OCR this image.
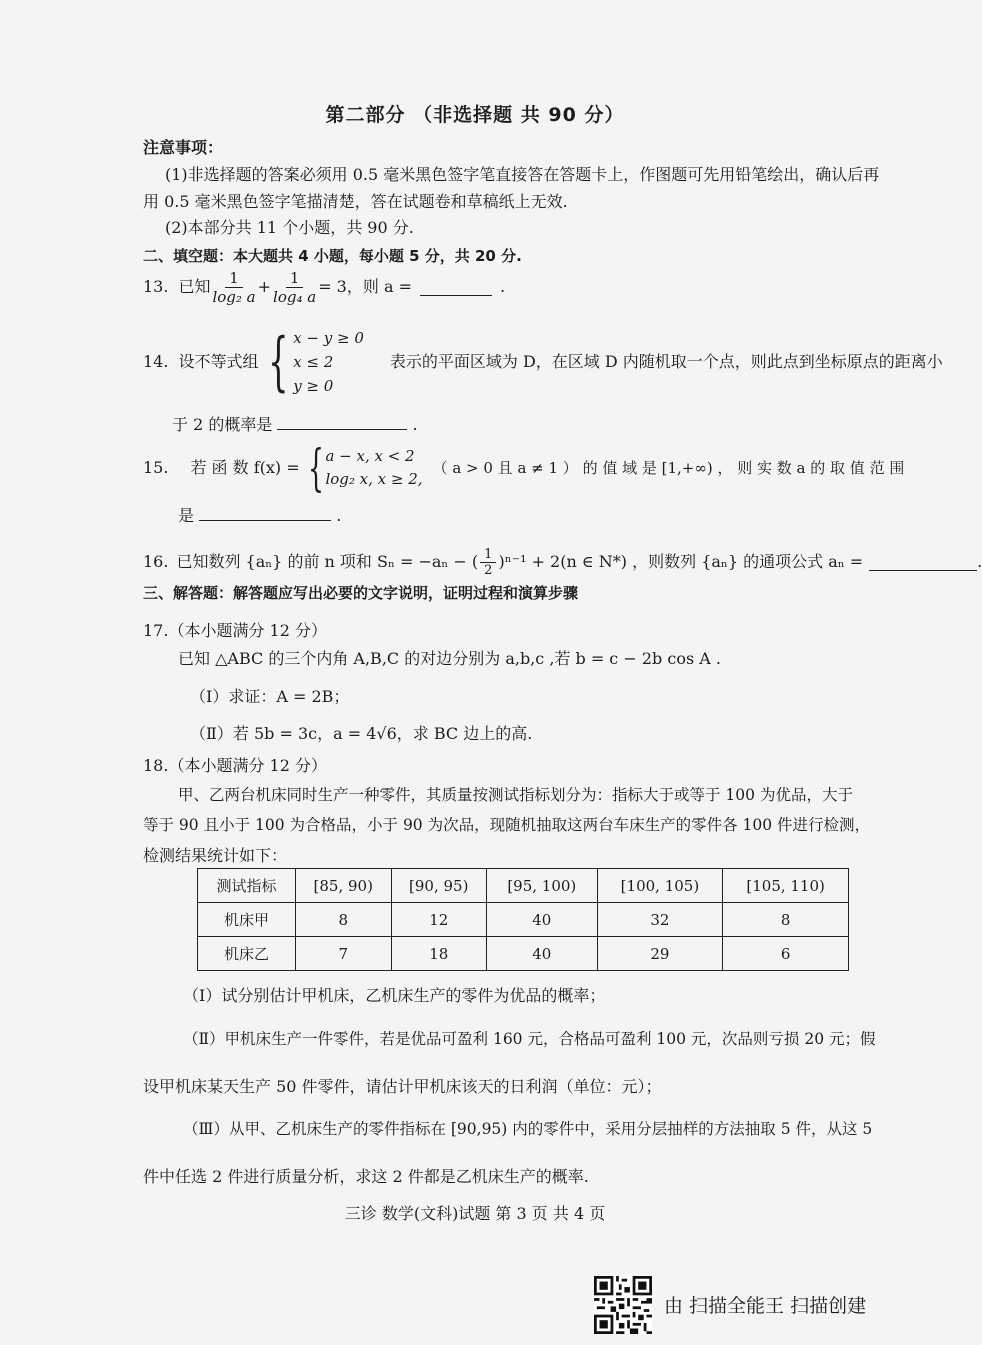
第二部分 （非选择题 共 90 分）
注意事项：
(1)非选择题的答案必须用 0.5 毫米黑色签字笔直接答在答题卡上，作图题可先用铅笔绘出，确认后再
用 0.5 毫米黑色签字笔描清楚，答在试题卷和草稿纸上无效.
(2)本部分共 11 个小题，共 90 分.
二、填空题：本大题共 4 小题，每小题 5 分，共 20 分.
13. 已知 $\frac{1}{\text{log₂ a}} + \frac{1}{\text{log₄ a}} = 3$，则 a =	.
14. 设不等式组 { x − y ≥ 0
x ≤ 2
y ≥ 0
表示的平面区域为 D，在区域 D 内随机取一个点，则此点到坐标原点的距离小
于 2 的概率是	.
15. 若 函 数 f(x) = { a − x, x < 2
log₂ x, x ≥ 2,
（ a > 0 且 a ≠ 1 ） 的 值 域 是 [1,+∞) ， 则 实 数 a 的 取 值 范 围
是	.
16. 已知数列 {aₙ} 的前 n 项和 Sₙ = −aₙ − ( $\frac{1}{2} )^{n-1} + 2(n$ ∈ N*) ，则数列 {aₙ} 的通项公式 aₙ =	.
三、解答题：解答题应写出必要的文字说明，证明过程和演算步骤
17.（本小题满分 12 分）
已知 △ABC 的三个内角 A,B,C 的对边分别为 a,b,c ,若 b = c − 2b cos A .
（Ⅰ）求证：A = 2B；
（Ⅱ）若 5b = 3c，a = 4√6，求 BC 边上的高.
18.（本小题满分 12 分）
甲、乙两台机床同时生产一种零件，其质量按测试指标划分为：指标大于或等于 100 为优品，大于
等于 90 且小于 100 为合格品，小于 90 为次品，现随机抽取这两台车床生产的零件各 100 件进行检测，
检测结果统计如下：
测试指标	[85, 90)	[90, 95)	[95, 100)	[100, 105)	[105, 110)
机床甲	8	12	40	32	8
机床乙	7	18	40	29	6
（Ⅰ）试分别估计甲机床，乙机床生产的零件为优品的概率；
（Ⅱ）甲机床生产一件零件，若是优品可盈利 160 元，合格品可盈利 100 元，次品则亏损 20 元；假
设甲机床某天生产 50 件零件，请估计甲机床该天的日利润（单位：元）；
（Ⅲ）从甲、乙机床生产的零件指标在 [90,95) 内的零件中，采用分层抽样的方法抽取 5 件，从这 5
件中任选 2 件进行质量分析，求这 2 件都是乙机床生产的概率.
三诊 数学(文科)试题 第 3 页 共 4 页
由 扫描全能王 扫描创建
